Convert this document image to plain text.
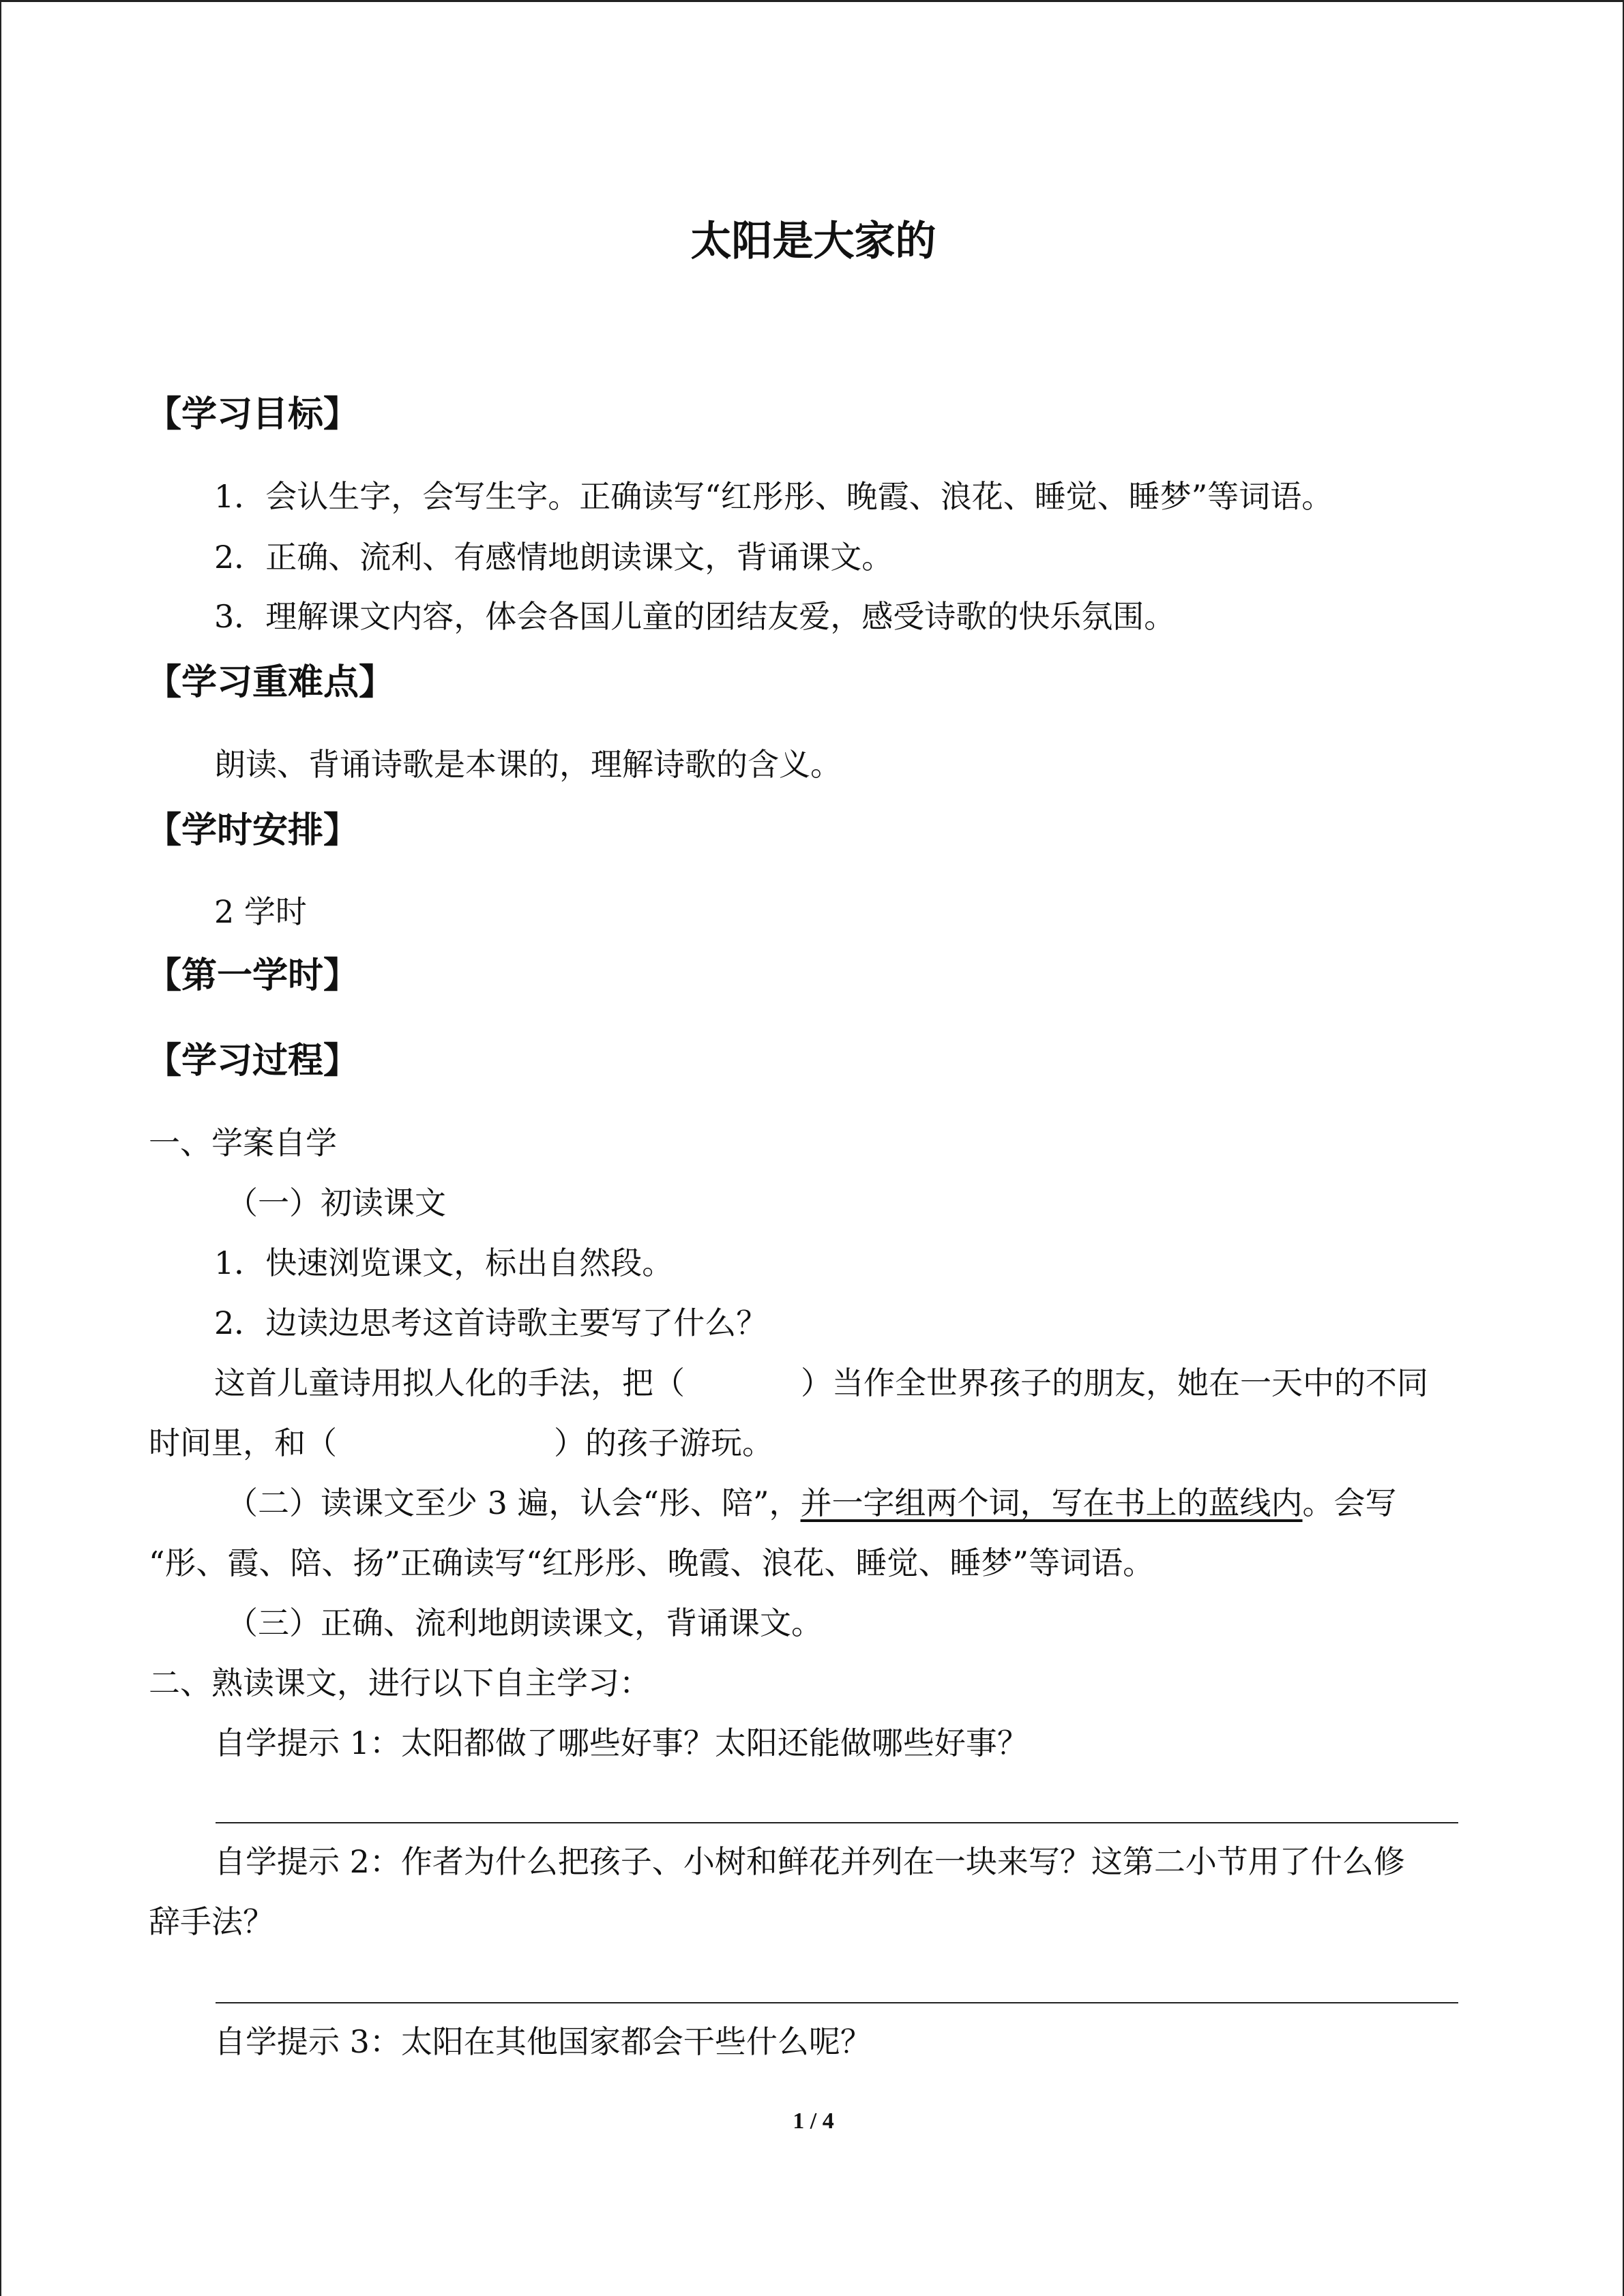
太阳是大家的
【学习目标】
1．会认生字，会写生字。正确读写“红彤彤、晚霞、浪花、睡觉、睡梦”等词语。
2．正确、流利、有感情地朗读课文，背诵课文。
3．理解课文内容，体会各国儿童的团结友爱，感受诗歌的快乐氛围。
【学习重难点】
朗读、背诵诗歌是本课的，理解诗歌的含义。
【学时安排】
2 学时
【第一学时】
【学习过程】
一、学案自学
（一）初读课文
1．快速浏览课文，标出自然段。
2．边读边思考这首诗歌主要写了什么？
这首儿童诗用拟人化的手法，把（	）当作全世界孩子的朋友，她在一天中的不同
时间里，和（	）的孩子游玩。
（二）读课文至少 3 遍，认会“彤、陪”，并一字组两个词，写在书上的蓝线内。会写
“彤、霞、陪、扬”正确读写“红彤彤、晚霞、浪花、睡觉、睡梦”等词语。
（三）正确、流利地朗读课文，背诵课文。
二、熟读课文，进行以下自主学习：
自学提示 1：太阳都做了哪些好事？太阳还能做哪些好事？
自学提示 2：作者为什么把孩子、小树和鲜花并列在一块来写？这第二小节用了什么修
辞手法？
自学提示 3：太阳在其他国家都会干些什么呢？
1 / 4
